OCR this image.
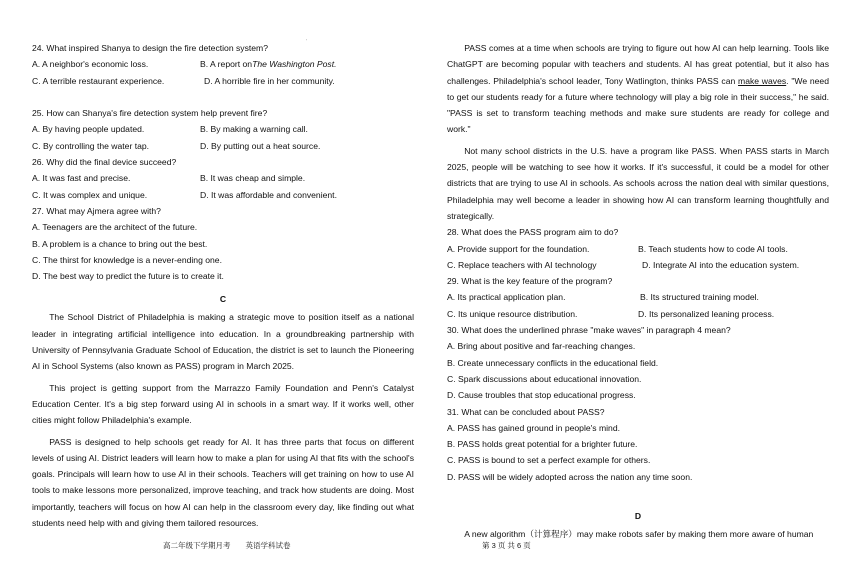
˙

24. What inspired Shanya to design the fire detection system?

A. A neighbor's economic loss.	B. A report onThe Washington Post.
C. A terrible restaurant experience.	D. A horrible fire in her community.

25. How can Shanya's fire detection system help prevent fire?

A. By having people updated.	B. By making a warning call.
C. By controlling the water tap.	D. By putting out a heat source.

26. Why did the final device succeed?

A. It was fast and precise.	B. It was cheap and simple.
C. It was complex and unique.	D. It was affordable and convenient.

27. What may Ajmera agree with?

A. Teenagers are the architect of the future.

B. A problem is a chance to bring out the best.

C. The thirst for knowledge is a never-ending one.

D. The best way to predict the future is to create it.

C

The School District of Philadelphia is making a strategic move to position itself as a national leader in integrating artificial intelligence into education. In a groundbreaking partnership with University of Pennsylvania Graduate School of Education, the district is set to launch the Pioneering AI in School Systems (also known as PASS) program in March 2025.

This project is getting support from the Marrazzo Family Foundation and Penn's Catalyst Education Center. It's a big step forward using AI in schools in a smart way. If it works well, other cities might follow Philadelphia's example.

PASS is designed to help schools get ready for AI. It has three parts that focus on different levels of using AI. District leaders will learn how to make a plan for using AI that fits with the school's goals. Principals will learn how to use AI in their schools. Teachers will get training on how to use AI tools to make lessons more personalized, improve teaching, and track how students are doing. Most importantly, teachers will focus on how AI can help in the classroom every day, like finding out what students need help with and giving them tailored resources.

PASS comes at a time when schools are trying to figure out how AI can help learning. Tools like ChatGPT are becoming popular with teachers and students. AI has great potential, but it also has challenges. Philadelphia's school leader, Tony Watlington, thinks PASS can make waves. "We need to get our students ready for a future where technology will play a big role in their success," he said. "PASS is set to transform teaching methods and make sure students are ready for college and work."

Not many school districts in the U.S. have a program like PASS. When PASS starts in March 2025, people will be watching to see how it works. If it's successful, it could be a model for other districts that are trying to use AI in schools. As schools across the nation deal with similar questions, Philadelphia may well become a leader in showing how AI can transform learning thoughtfully and strategically.

28. What does the PASS program aim to do?

A. Provide support for the foundation.	B. Teach students how to code AI tools.
C. Replace teachers with AI technology	D. Integrate AI into the education system.

29. What is the key feature of the program?

A. Its practical application plan.	B. Its structured training model.
C. Its unique resource distribution.	D. Its personalized leaning process.

30. What does the underlined phrase "make waves" in paragraph 4 mean?

A. Bring about positive and far-reaching changes.

B. Create unnecessary conflicts in the educational field.

C. Spark discussions about educational innovation.

D. Cause troubles that stop educational progress.

31. What can be concluded about PASS?

A. PASS has gained ground in people's mind.

B. PASS holds great potential for a brighter future.

C. PASS is bound to set a perfect example for others.

D. PASS will be widely adopted across the nation any time soon.

D

A new algorithm（计算程序）may make robots safer by making them more aware of human

高二年级下学期月考　　英语学科试卷	第 3 页 共 6 页
